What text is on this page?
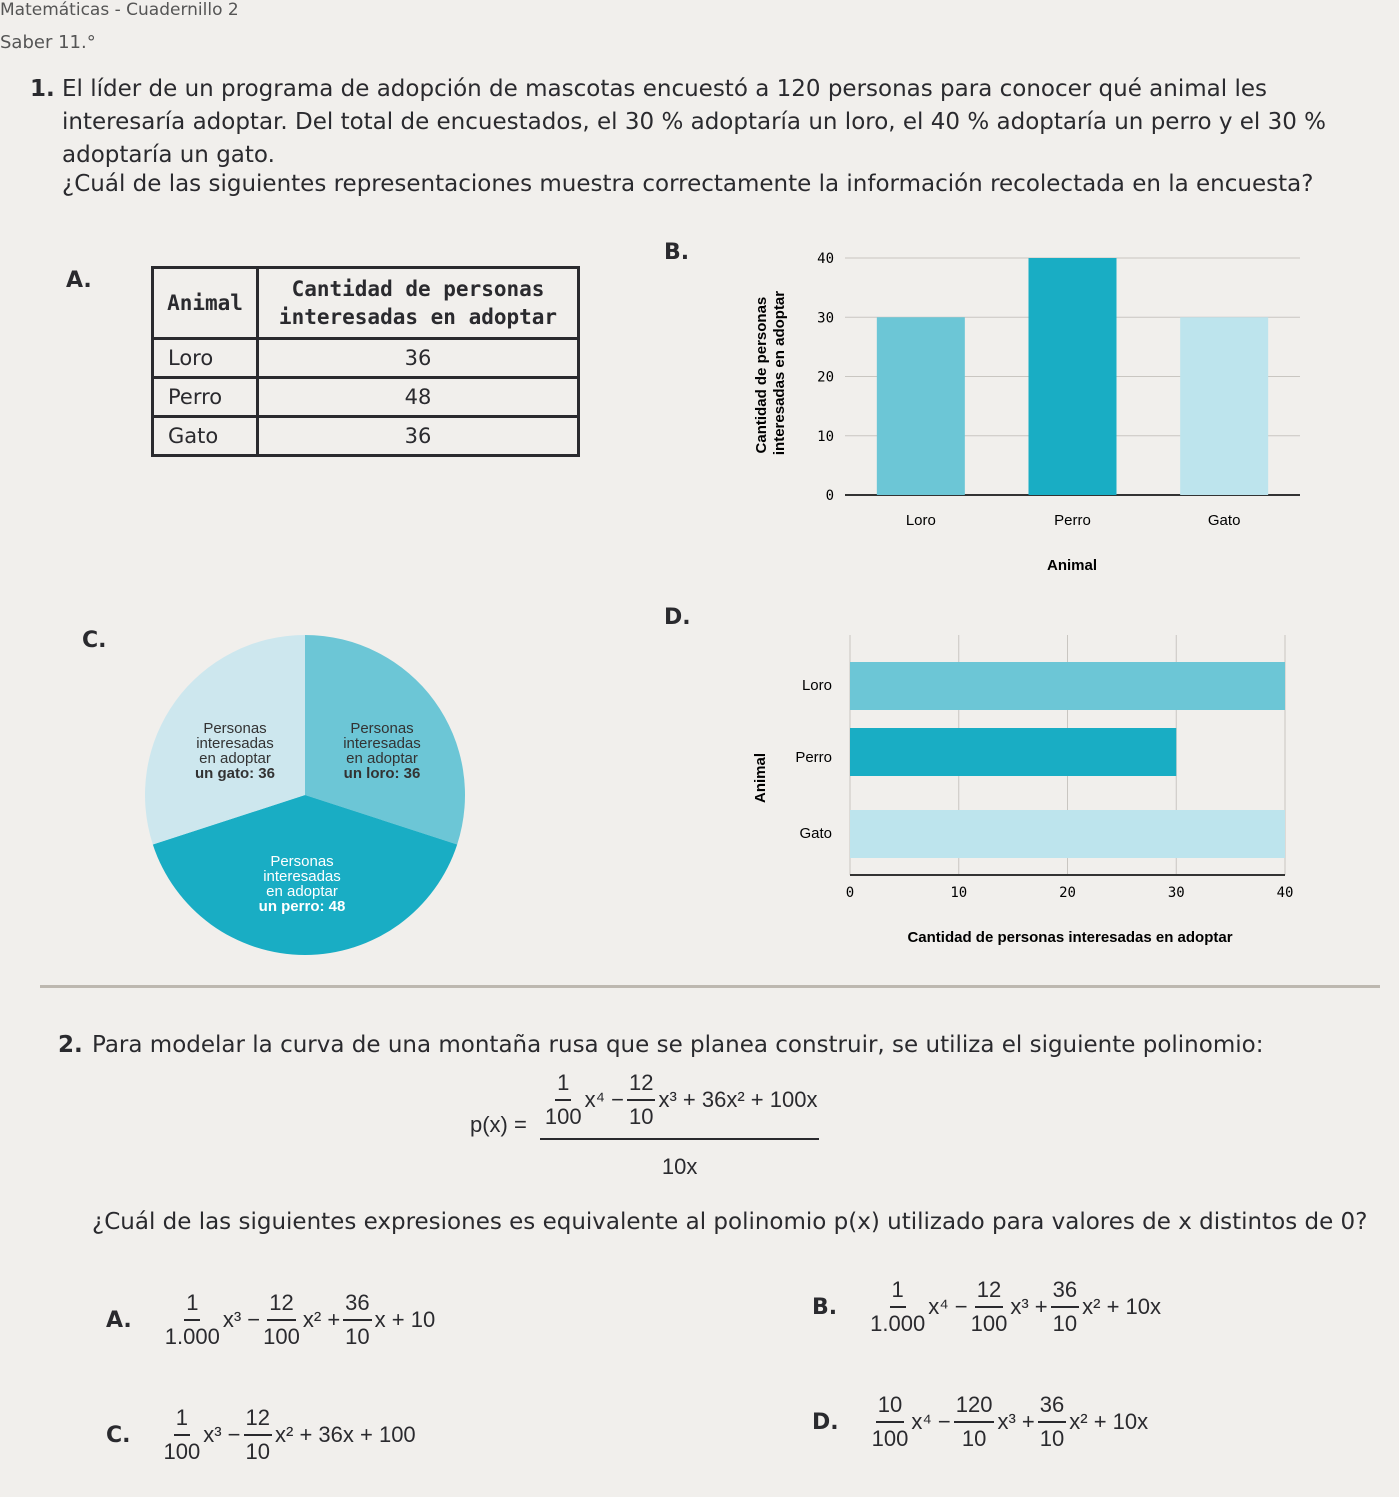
Matemáticas - Cuadernillo 2
Saber 11.°
1. El líder de un programa de adopción de mascotas encuestó a 120 personas para conocer qué animal les interesaría adoptar. Del total de encuestados, el 30 % adoptaría un loro, el 40 % adoptaría un perro y el 30 % adoptaría un gato.
¿Cuál de las siguientes representaciones muestra correctamente la información recolectada en la encuesta?
A.
Animal	Cantidad de personas interesadas en adoptar
Loro	36
Perro	48
Gato	36
B.
0
10
20
30
40
Loro	Perro	Gato
Animal
Cantidad de personas interesadas en adoptar
C.
Personas interesadas en adoptar un gato: 36
Personas interesadas en adoptar un loro: 36
Personas interesadas en adoptar un perro: 48
D.
Loro
Perro
Gato
0	10	20	30	40
Cantidad de personas interesadas en adoptar
Animal
2. Para modelar la curva de una montaña rusa que se planea construir, se utiliza el siguiente polinomio:
$p(x) = \frac{\frac{1}{100} x^4 - \frac{12}{10} x^3 + 36x^2 + 100x}{10x}$
¿Cuál de las siguientes expresiones es equivalente al polinomio p(x) utilizado para valores de x distintos de 0?
A. $\frac{1}{1.000} x^3 - \frac{12}{100} x^2 + \frac{36}{10}$ x + 10	B. $\frac{1}{1.000} x^4 - \frac{12}{100} x^3 + \frac{36}{10} x^2 + 10x$
C. $\frac{1}{100} x^3 - \frac{12}{10} x^2 + 36x + 100$	D. $\frac{10}{100} x^4 - \frac{120}{10} x^3 + \frac{36}{10} x^2 + 10x$
